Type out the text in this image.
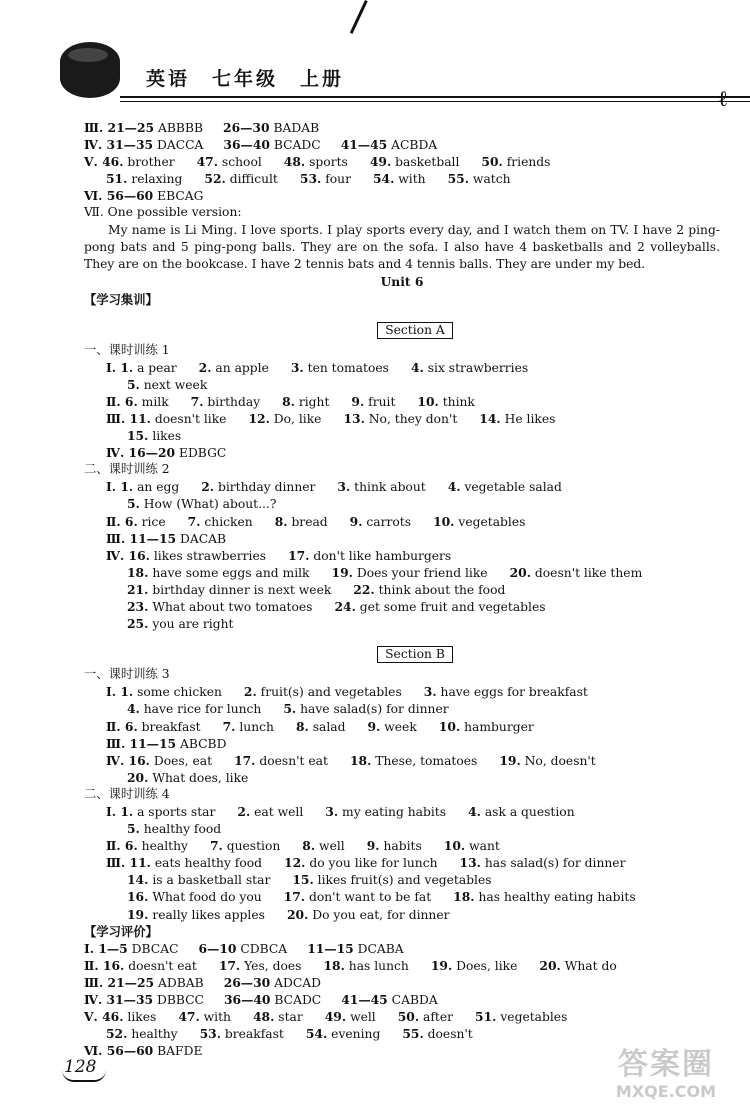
英语　七年级　上册
ℓ
Ⅲ. 21—25 ABBBB 26—30 BADAB
Ⅳ. 31—35 DACCA 36—40 BCADC 41—45 ACBDA
Ⅴ. 46. brother 47. school 48. sports 49. basketball 50. friends
51. relaxing 52. difficult 53. four 54. with 55. watch
Ⅵ. 56—60 EBCAG
Ⅶ. One possible version:

My name is Li Ming. I love sports. I play sports every day, and I watch them on TV. I have 2 ping-pong bats and 5 ping-pong balls. They are on the sofa. I also have 4 basketballs and 2 volleyballs. They are on the bookcase. I have 2 tennis bats and 4 tennis balls. They are under my bed.

Unit 6
【学习集训】
Section A
一、课时训练 1
Ⅰ. 1. a pear 2. an apple 3. ten tomatoes 4. six strawberries
5. next week
Ⅱ. 6. milk 7. birthday 8. right 9. fruit 10. think
Ⅲ. 11. doesn't like 12. Do, like 13. No, they don't 14. He likes
15. likes
Ⅳ. 16—20 EDBGC
二、课时训练 2
Ⅰ. 1. an egg 2. birthday dinner 3. think about 4. vegetable salad
5. How (What) about...?
Ⅱ. 6. rice 7. chicken 8. bread 9. carrots 10. vegetables
Ⅲ. 11—15 DACAB
Ⅳ. 16. likes strawberries 17. don't like hamburgers
18. have some eggs and milk 19. Does your friend like 20. doesn't like them
21. birthday dinner is next week 22. think about the food
23. What about two tomatoes 24. get some fruit and vegetables
25. you are right
Section B
一、课时训练 3
Ⅰ. 1. some chicken 2. fruit(s) and vegetables 3. have eggs for breakfast
4. have rice for lunch 5. have salad(s) for dinner
Ⅱ. 6. breakfast 7. lunch 8. salad 9. week 10. hamburger
Ⅲ. 11—15 ABCBD
Ⅳ. 16. Does, eat 17. doesn't eat 18. These, tomatoes 19. No, doesn't
20. What does, like
二、课时训练 4
Ⅰ. 1. a sports star 2. eat well 3. my eating habits 4. ask a question
5. healthy food
Ⅱ. 6. healthy 7. question 8. well 9. habits 10. want
Ⅲ. 11. eats healthy food 12. do you like for lunch 13. has salad(s) for dinner
14. is a basketball star 15. likes fruit(s) and vegetables
16. What food do you 17. don't want to be fat 18. has healthy eating habits
19. really likes apples 20. Do you eat, for dinner
【学习评价】
Ⅰ. 1—5 DBCAC 6—10 CDBCA 11—15 DCABA
Ⅱ. 16. doesn't eat 17. Yes, does 18. has lunch 19. Does, like 20. What do
Ⅲ. 21—25 ADBAB 26—30 ADCAD
Ⅳ. 31—35 DBBCC 36—40 BCADC 41—45 CABDA
Ⅴ. 46. likes 47. with 48. star 49. well 50. after 51. vegetables
52. healthy 53. breakfast 54. evening 55. doesn't
Ⅵ. 56—60 BAFDE
128	答案圈
MXQE.COM
